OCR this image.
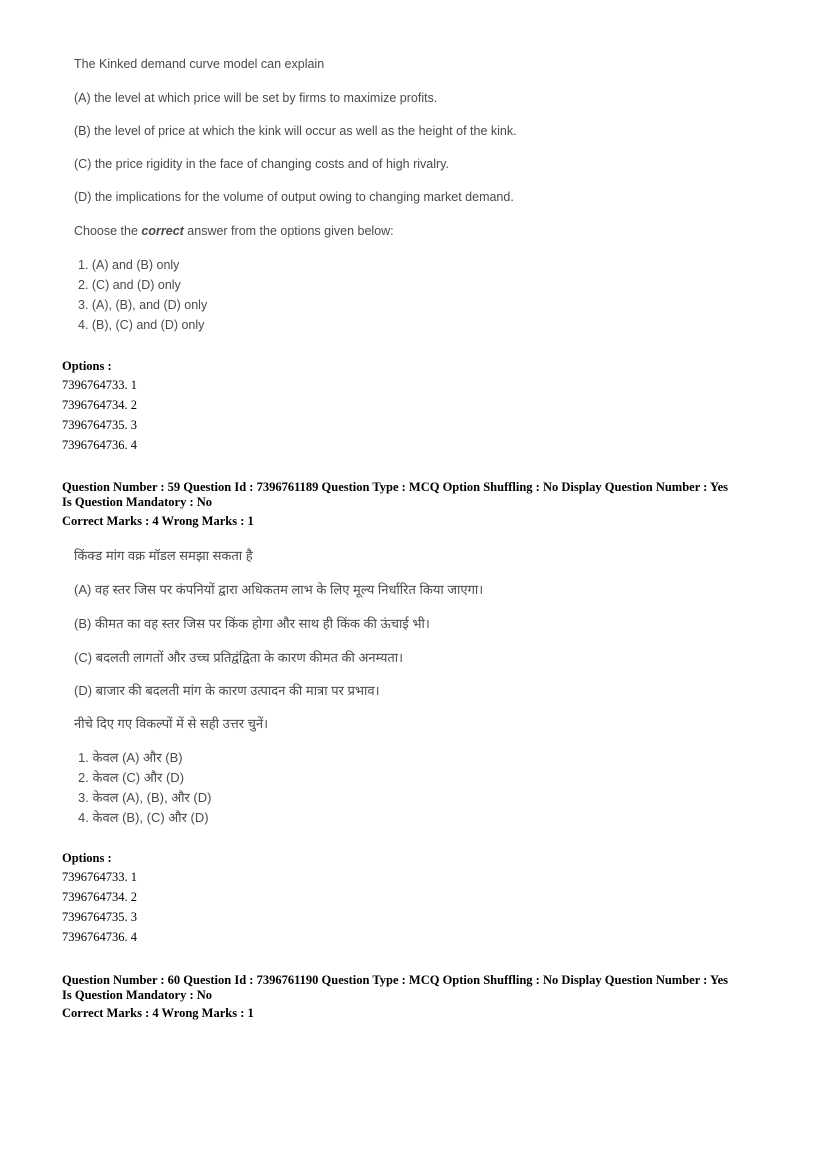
The Kinked demand curve model can explain
(A) the level at which price will be set by firms to maximize profits.
(B) the level of price at which the kink will occur as well as the height of the kink.
(C) the price rigidity in the face of changing costs and of high rivalry.
(D) the implications for the volume of output owing to changing market demand.
Choose the correct answer from the options given below:
1. (A) and (B) only
2. (C) and (D) only
3. (A), (B), and (D) only
4. (B), (C) and (D) only
Options :
7396764733. 1
7396764734. 2
7396764735. 3
7396764736. 4
Question Number : 59 Question Id : 7396761189 Question Type : MCQ Option Shuffling : No Display Question Number : Yes
Is Question Mandatory : No
Correct Marks : 4 Wrong Marks : 1
किंक्ड मांग वक्र मॉडल समझा सकता है
(A) वह स्तर जिस पर कंपनियों द्वारा अधिकतम लाभ के लिए मूल्य निर्धारित किया जाएगा।
(B) कीमत का वह स्तर जिस पर किंक होगा और साथ ही किंक की ऊंचाई भी।
(C) बदलती लागतों और उच्च प्रतिद्वंद्विता के कारण कीमत की अनम्यता।
(D) बाजार की बदलती मांग के कारण उत्पादन की मात्रा पर प्रभाव।
नीचे दिए गए विकल्पों में से सही उत्तर चुनें।
1. केवल (A) और (B)
2. केवल (C) और (D)
3. केवल (A), (B), और (D)
4. केवल (B), (C) और (D)
Options :
7396764733. 1
7396764734. 2
7396764735. 3
7396764736. 4
Question Number : 60 Question Id : 7396761190 Question Type : MCQ Option Shuffling : No Display Question Number : Yes
Is Question Mandatory : No
Correct Marks : 4 Wrong Marks : 1
